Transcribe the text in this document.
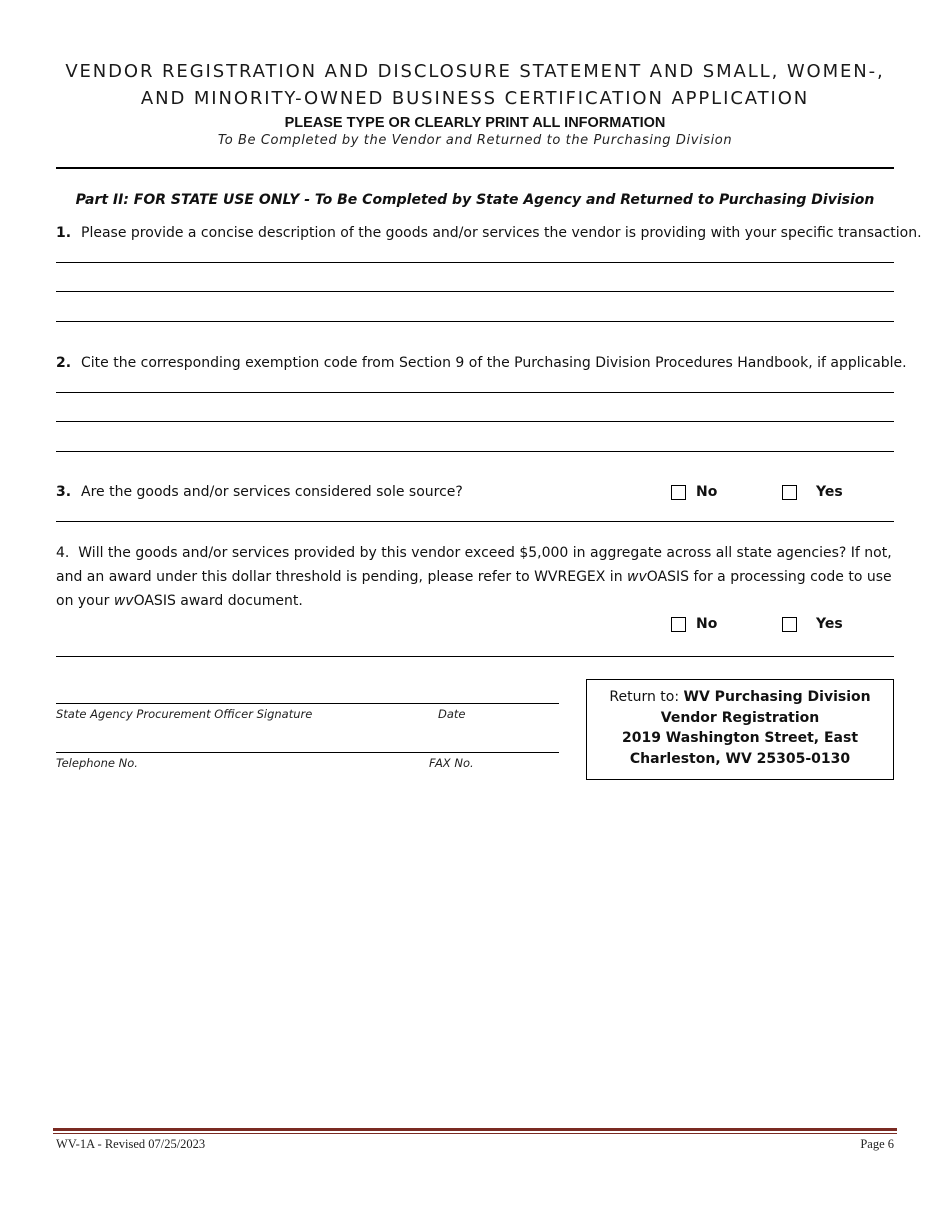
VENDOR REGISTRATION AND DISCLOSURE STATEMENT AND SMALL, WOMEN-,
AND MINORITY-OWNED BUSINESS CERTIFICATION APPLICATION
PLEASE TYPE OR CLEARLY PRINT ALL INFORMATION
To Be Completed by the Vendor and Returned to the Purchasing Division
Part II: FOR STATE USE ONLY - To Be Completed by State Agency and Returned to Purchasing Division
1. Please provide a concise description of the goods and/or services the vendor is providing with your specific transaction.
2. Cite the corresponding exemption code from Section 9 of the Purchasing Division Procedures Handbook, if applicable.
3. Are the goods and/or services considered sole source?	No	Yes
4. Will the goods and/or services provided by this vendor exceed $5,000 in aggregate across all state agencies? If not, and an award under this dollar threshold is pending, please refer to WVREGEX in wvOASIS for a processing code to use on your wvOASIS award document.
No	Yes
State Agency Procurement Officer Signature	Date
Telephone No.	FAX No.
Return to: WV Purchasing Division
Vendor Registration
2019 Washington Street, East
Charleston, WV 25305-0130
WV-1A - Revised 07/25/2023	Page 6
